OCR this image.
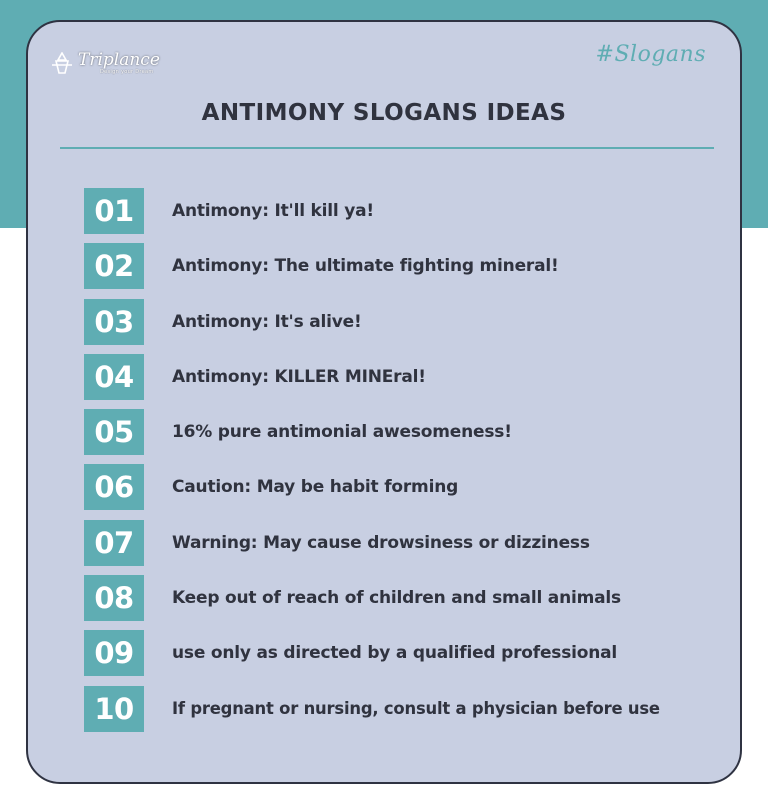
Triplance
Design your Dream
#Slogans
ANTIMONY SLOGANS IDEAS
01	Antimony: It'll kill ya!
02	Antimony: The ultimate fighting mineral!
03	Antimony: It's alive!
04	Antimony: KILLER MINEral!
05	16% pure antimonial awesomeness!
06	Caution: May be habit forming
07	Warning: May cause drowsiness or dizziness
08	Keep out of reach of children and small animals
09	use only as directed by a qualified professional
10	If pregnant or nursing, consult a physician before use
